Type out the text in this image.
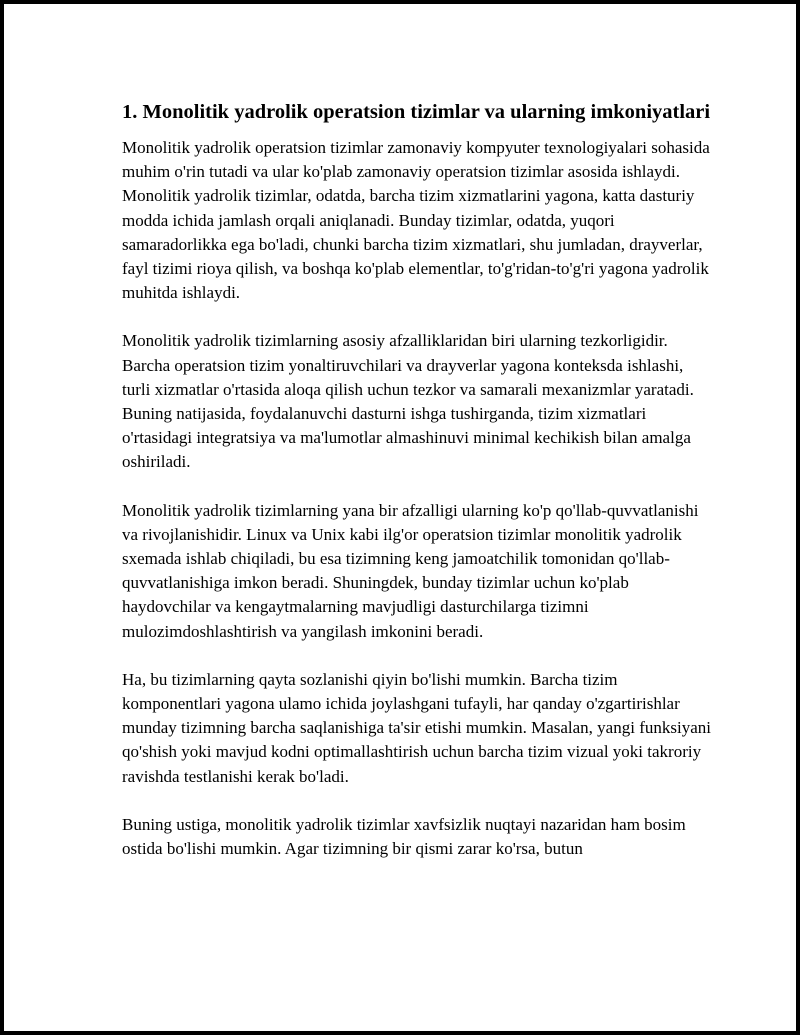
1. Monolitik yadrolik operatsion tizimlar va ularning imkoniyatlari

Monolitik yadrolik operatsion tizimlar zamonaviy kompyuter texnologiyalari sohasida muhim o'rin tutadi va ular ko'plab zamonaviy operatsion tizimlar asosida ishlaydi. Monolitik yadrolik tizimlar, odatda, barcha tizim xizmatlarini yagona, katta dasturiy modda ichida jamlash orqali aniqlanadi. Bunday tizimlar, odatda, yuqori samaradorlikka ega bo'ladi, chunki barcha tizim xizmatlari, shu jumladan, drayverlar, fayl tizimi rioya qilish, va boshqa ko'plab elementlar, to'g'ridan-to'g'ri yagona yadrolik muhitda ishlaydi.

Monolitik yadrolik tizimlarning asosiy afzalliklaridan biri ularning tezkorligidir. Barcha operatsion tizim yonaltiruvchilari va drayverlar yagona konteksda ishlashi, turli xizmatlar o'rtasida aloqa qilish uchun tezkor va samarali mexanizmlar yaratadi. Buning natijasida, foydalanuvchi dasturni ishga tushirganda, tizim xizmatlari o'rtasidagi integratsiya va ma'lumotlar almashinuvi minimal kechikish bilan amalga oshiriladi.

Monolitik yadrolik tizimlarning yana bir afzalligi ularning ko'p qo'llab-quvvatlanishi va rivojlanishidir. Linux va Unix kabi ilg'or operatsion tizimlar monolitik yadrolik sxemada ishlab chiqiladi, bu esa tizimning keng jamoatchilik tomonidan qo'llab-quvvatlanishiga imkon beradi. Shuningdek, bunday tizimlar uchun ko'plab haydovchilar va kengaytmalarning mavjudligi dasturchilarga tizimni mulozimdoshlashtirish va yangilash imkonini beradi.

Ha, bu tizimlarning qayta sozlanishi qiyin bo'lishi mumkin. Barcha tizim komponentlari yagona ulamo ichida joylashgani tufayli, har qanday o'zgartirishlar munday tizimning barcha saqlanishiga ta'sir etishi mumkin. Masalan, yangi funksiyani qo'shish yoki mavjud kodni optimallashtirish uchun barcha tizim vizual yoki takroriy ravishda testlanishi kerak bo'ladi.

Buning ustiga, monolitik yadrolik tizimlar xavfsizlik nuqtayi nazaridan ham bosim ostida bo'lishi mumkin. Agar tizimning bir qismi zarar ko'rsa, butun
